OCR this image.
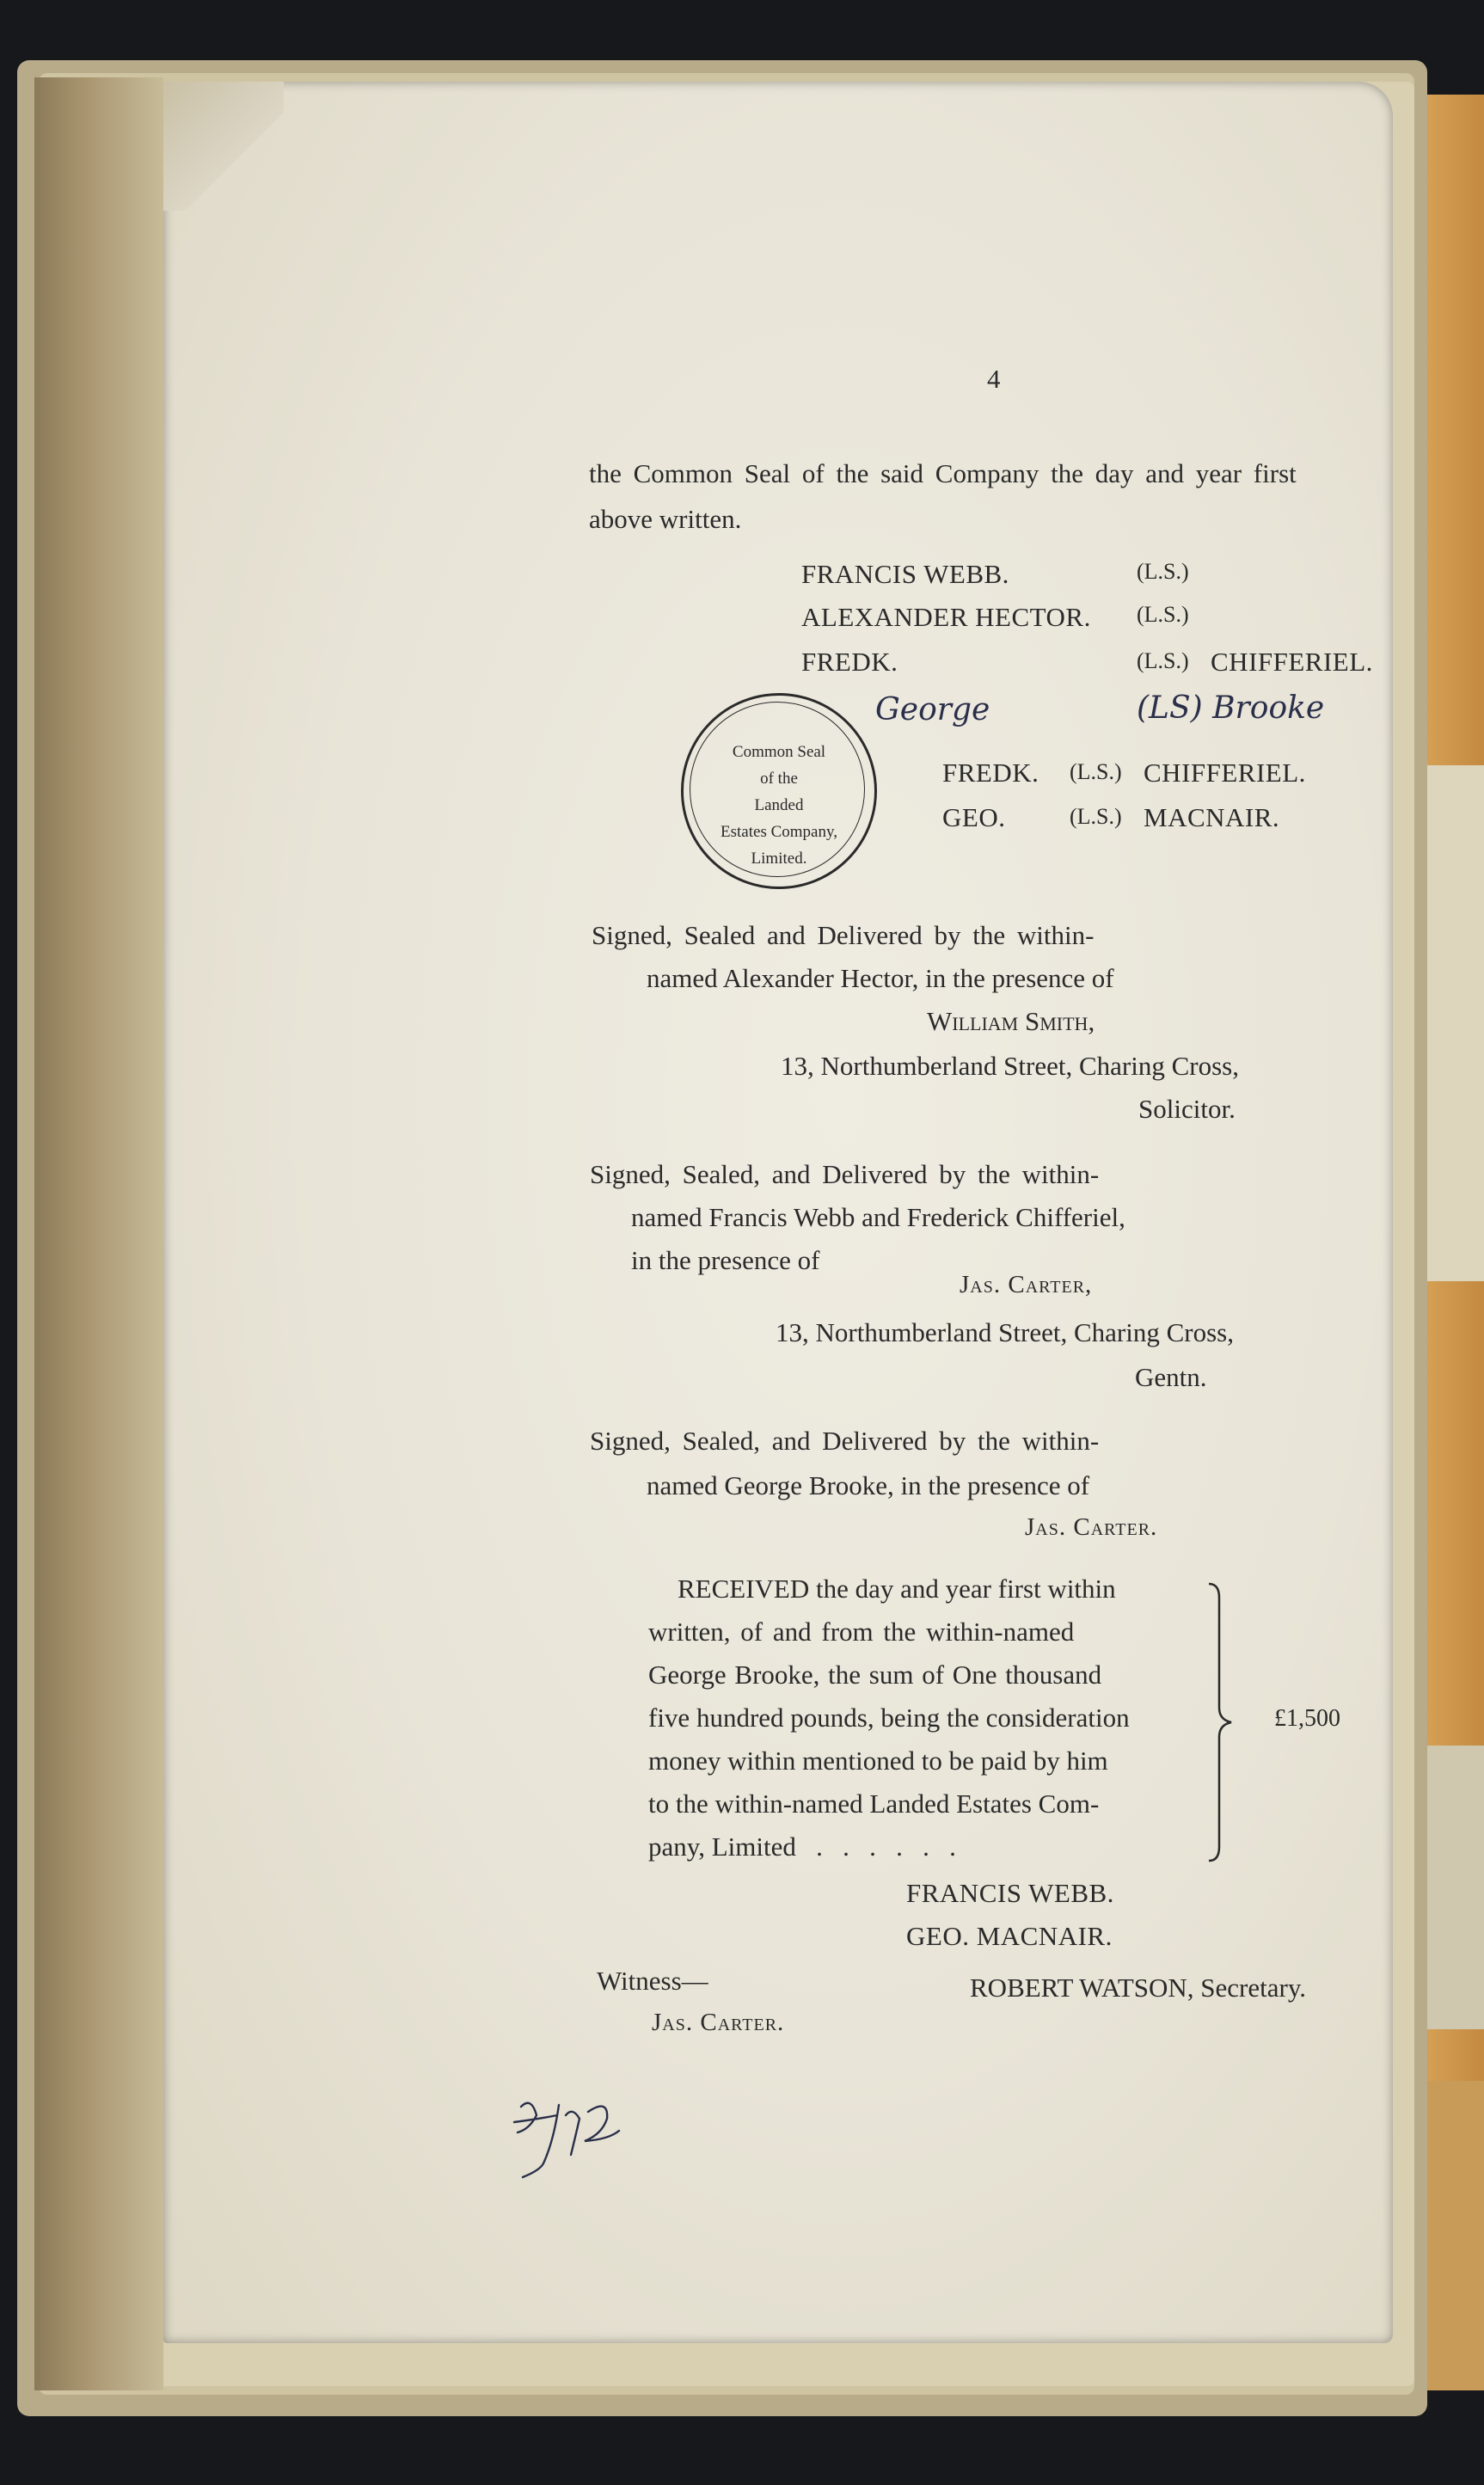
4
the Common Seal of the said Company the day and year first
above written.
FRANCIS WEBB.	(L.S.)
ALEXANDER HECTOR. (L.S.)
FREDK.	(L.S.) CHIFFERIEL.
George	(LS) Brooke
Common Seal
of the
Landed
Estates Company,
Limited.
FREDK. (L.S.) CHIFFERIEL.
GEO.	(L.S.) MACNAIR.
Signed, Sealed and Delivered by the within-
named Alexander Hector, in the presence of
William Smith,
13, Northumberland Street, Charing Cross,
Solicitor.
Signed, Sealed, and Delivered by the within-
named Francis Webb and Frederick Chifferiel,
in the presence of
Jas. Carter,
13, Northumberland Street, Charing Cross,
Gentn.
Signed, Sealed, and Delivered by the within-
named George Brooke, in the presence of
Jas. Carter.
RECEIVED the day and year first within
written, of and from the within-named
George Brooke, the sum of One thousand
five hundred pounds, being the consideration
money within mentioned to be paid by him
to the within-named Landed Estates Com-
pany, Limited   .   .   .   .   .   .
£1,500
FRANCIS WEBB.
GEO. MACNAIR.
ROBERT WATSON, Secretary.
Witness—
Jas. Carter.
